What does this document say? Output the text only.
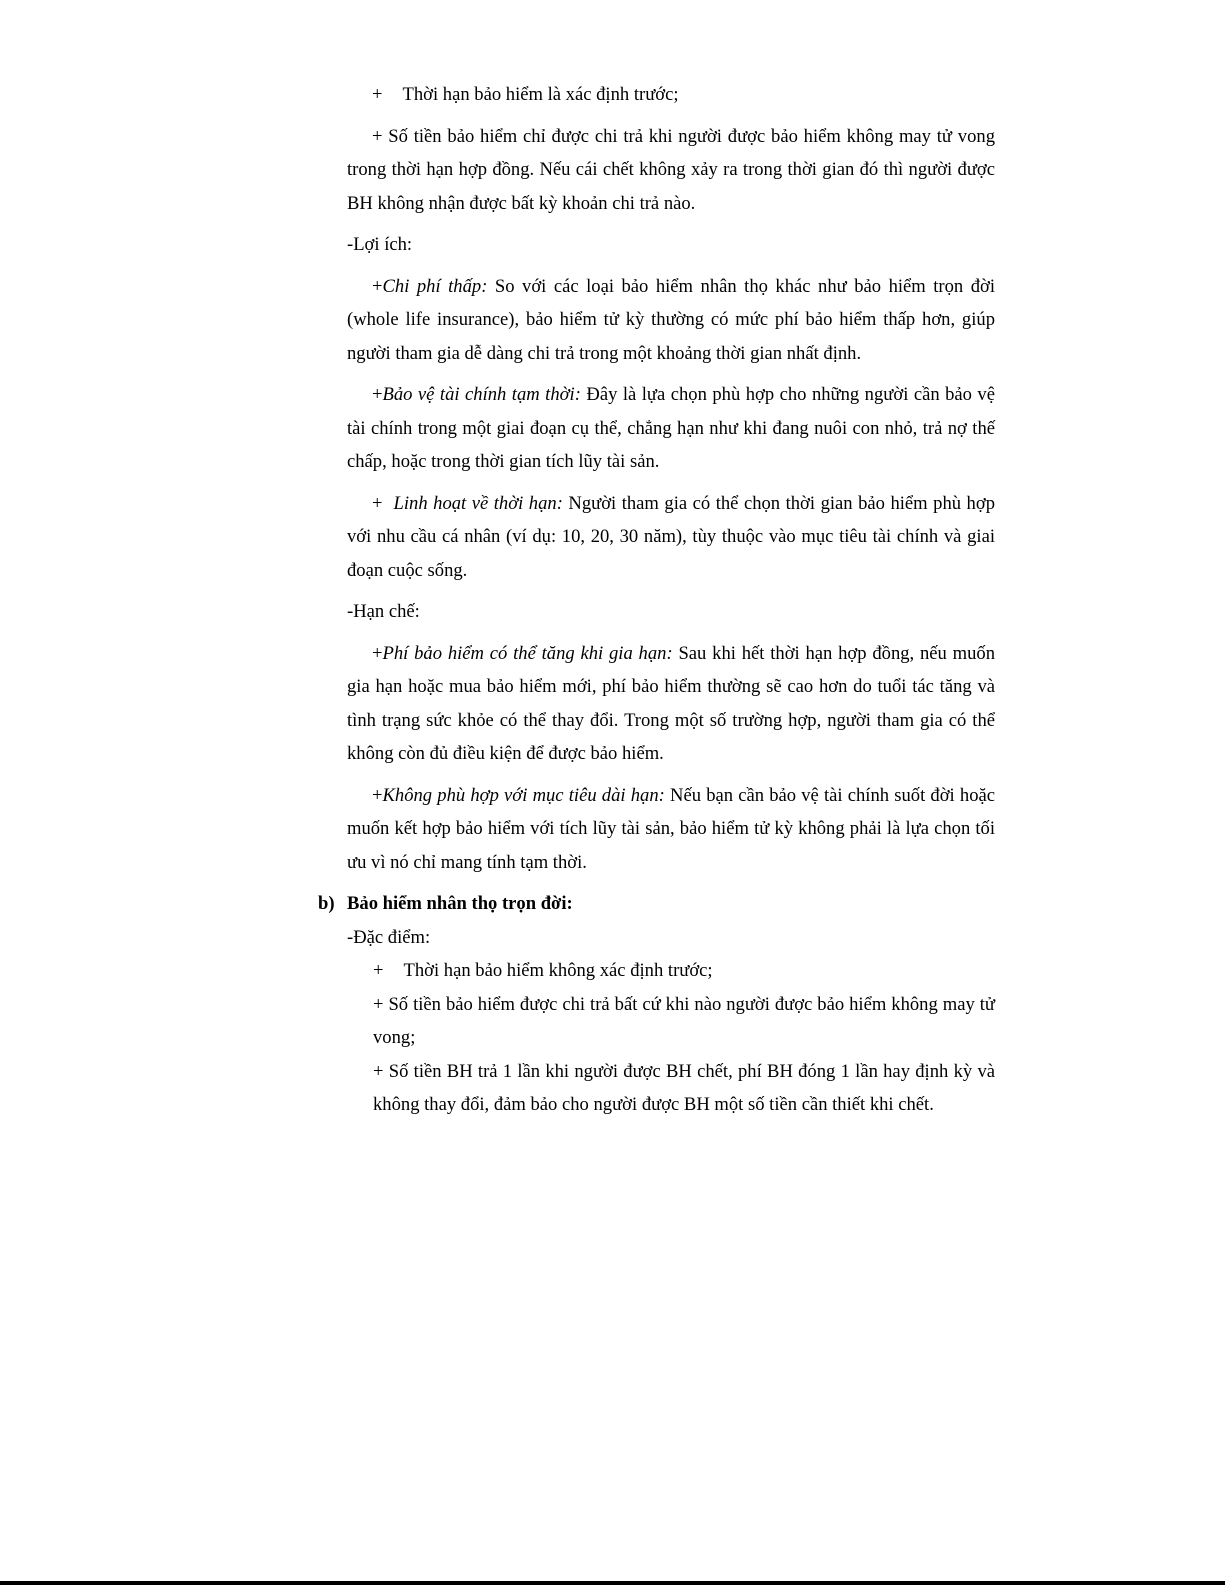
+ Thời hạn bảo hiểm là xác định trước;

+ Số tiền bảo hiểm chỉ được chi trả khi người được bảo hiểm không may tử vong trong thời hạn hợp đồng. Nếu cái chết không xảy ra trong thời gian đó thì người được BH không nhận được bất kỳ khoản chi trả nào.

-Lợi ích:

+Chi phí thấp: So với các loại bảo hiểm nhân thọ khác như bảo hiểm trọn đời (whole life insurance), bảo hiểm tử kỳ thường có mức phí bảo hiểm thấp hơn, giúp người tham gia dễ dàng chi trả trong một khoảng thời gian nhất định.

+Bảo vệ tài chính tạm thời: Đây là lựa chọn phù hợp cho những người cần bảo vệ tài chính trong một giai đoạn cụ thể, chẳng hạn như khi đang nuôi con nhỏ, trả nợ thế chấp, hoặc trong thời gian tích lũy tài sản.

+  Linh hoạt về thời hạn: Người tham gia có thể chọn thời gian bảo hiểm phù hợp với nhu cầu cá nhân (ví dụ: 10, 20, 30 năm), tùy thuộc vào mục tiêu tài chính và giai đoạn cuộc sống.

-Hạn chế:

+Phí bảo hiểm có thể tăng khi gia hạn: Sau khi hết thời hạn hợp đồng, nếu muốn gia hạn hoặc mua bảo hiểm mới, phí bảo hiểm thường sẽ cao hơn do tuổi tác tăng và tình trạng sức khỏe có thể thay đổi. Trong một số trường hợp, người tham gia có thể không còn đủ điều kiện để được bảo hiểm.

+Không phù hợp với mục tiêu dài hạn: Nếu bạn cần bảo vệ tài chính suốt đời hoặc muốn kết hợp bảo hiểm với tích lũy tài sản, bảo hiểm tử kỳ không phải là lựa chọn tối ưu vì nó chỉ mang tính tạm thời.

b) Bảo hiểm nhân thọ trọn đời:

-Đặc điểm:

+ Thời hạn bảo hiểm không xác định trước;

+ Số tiền bảo hiểm được chi trả bất cứ khi nào người được bảo hiểm không may tử vong;

+ Số tiền BH trả 1 lần khi người được BH chết, phí BH đóng 1 lần hay định kỳ và không thay đổi, đảm bảo cho người được BH một số tiền cần thiết khi chết.
